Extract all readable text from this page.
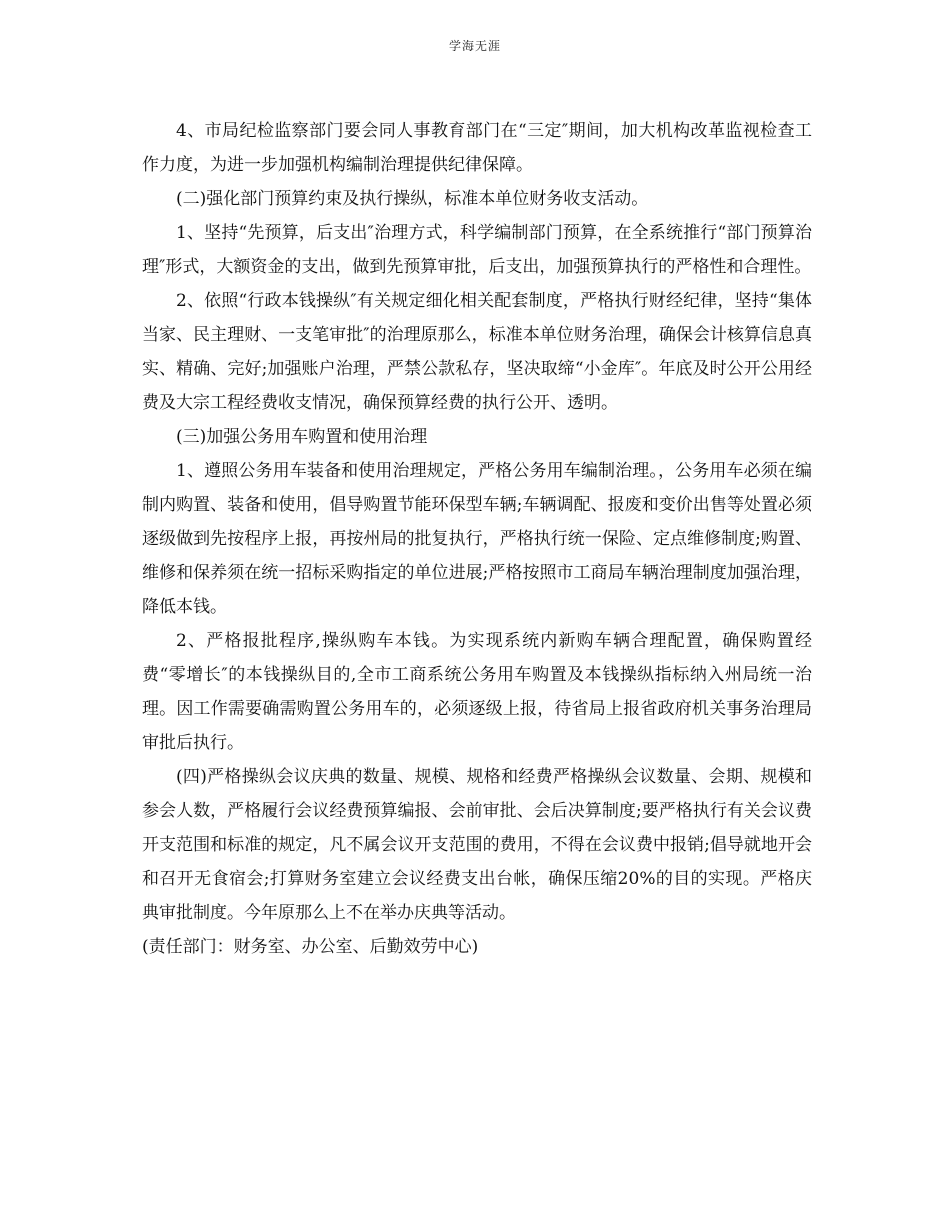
学海无涯

4、市局纪检监察部门要会同人事教育部门在“三定″期间，加大机构改革监视检查工作力度，为进一步加强机构编制治理提供纪律保障。

(二)强化部门预算约束及执行操纵，标准本单位财务收支活动。

1、坚持“先预算，后支出″治理方式，科学编制部门预算，在全系统推行“部门预算治理″形式，大额资金的支出，做到先预算审批，后支出，加强预算执行的严格性和合理性。

2、依照“行政本钱操纵″有关规定细化相关配套制度，严格执行财经纪律，坚持“集体当家、民主理财、一支笔审批″的治理原那么，标准本单位财务治理，确保会计核算信息真实、精确、完好;加强账户治理，严禁公款私存，坚决取缔“小金库″。年底及时公开公用经费及大宗工程经费收支情况，确保预算经费的执行公开、透明。

(三)加强公务用车购置和使用治理

1、遵照公务用车装备和使用治理规定，严格公务用车编制治理。，公务用车必须在编制内购置、装备和使用，倡导购置节能环保型车辆;车辆调配、报废和变价出售等处置必须逐级做到先按程序上报，再按州局的批复执行，严格执行统一保险、定点维修制度;购置、维修和保养须在统一招标采购指定的单位进展;严格按照市工商局车辆治理制度加强治理，降低本钱。

2、严格报批程序,操纵购车本钱。为实现系统内新购车辆合理配置，确保购置经费“零增长″的本钱操纵目的,全市工商系统公务用车购置及本钱操纵指标纳入州局统一治理。因工作需要确需购置公务用车的，必须逐级上报，待省局上报省政府机关事务治理局审批后执行。

(四)严格操纵会议庆典的数量、规模、规格和经费严格操纵会议数量、会期、规模和参会人数，严格履行会议经费预算编报、会前审批、会后决算制度;要严格执行有关会议费开支范围和标准的规定，凡不属会议开支范围的费用，不得在会议费中报销;倡导就地开会和召开无食宿会;打算财务室建立会议经费支出台帐，确保压缩20%的目的实现。严格庆典审批制度。今年原那么上不在举办庆典等活动。

(责任部门：财务室、办公室、后勤效劳中心)
